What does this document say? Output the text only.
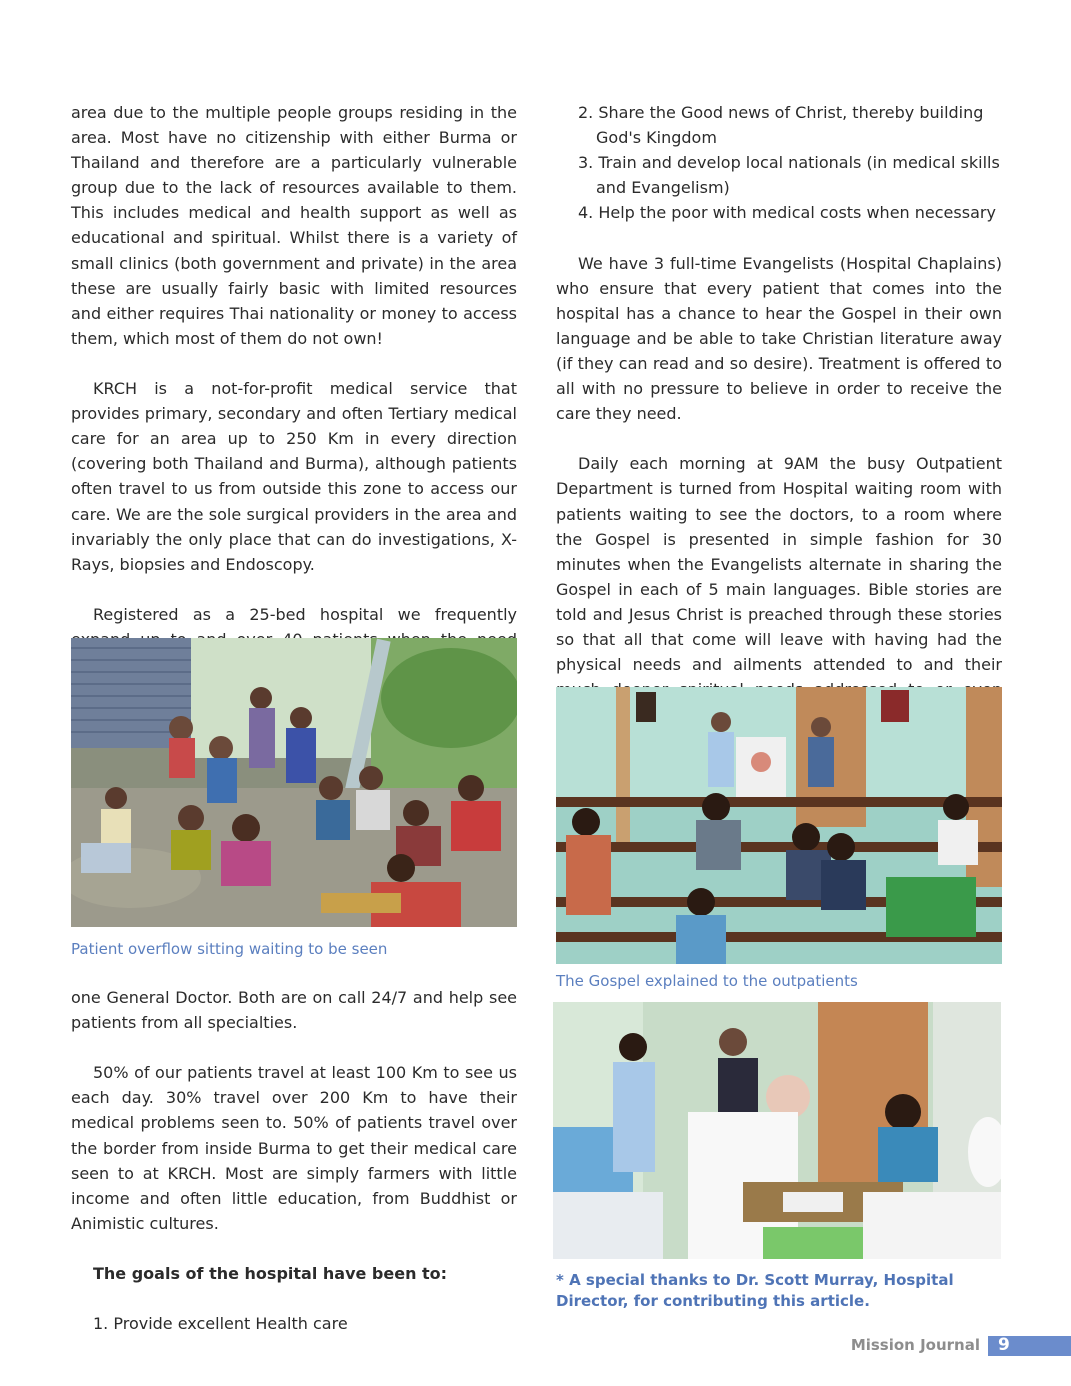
area due to the multiple people groups residing in the area. Most have no citizenship with either Burma or Thailand and therefore are a particularly vulnerable group due to the lack of resources available to them. This includes medical and health support as well as educational and spiritual. Whilst there is a variety of small clinics (both government and private) in the area these are usually fairly basic with limited resources and either requires Thai nationality or money to access them, which most of them do not own!

KRCH is a not-for-profit medical service that provides primary, secondary and often Tertiary medical care for an area up to 250 Km in every direction (covering both Thailand and Burma), although patients often travel to us from outside this zone to access our care. We are the sole surgical providers in the area and invariably the only place that can do investigations, X-Rays, biopsies and Endoscopy.

Registered as a 25-bed hospital we frequently

Patient overflow sitting waiting to be seen

one General Doctor. Both are on call 24/7 and help see patients from all specialties.

50% of our patients travel at least 100 Km to see us each day. 30% travel over 200 Km to have their medical problems seen to. 50% of patients travel over the border from inside Burma to get their medical care seen to at KRCH. Most are simply farmers with little income and often little education, from Buddhist or Animistic cultures.

The goals of the hospital have been to:

1. Provide excellent Health care

2. Share the Good news of Christ, thereby building God's Kingdom
3. Train and develop local nationals (in medical skills and Evangelism)
4. Help the poor with medical costs when necessary

We have 3 full-time Evangelists (Hospital Chaplains) who ensure that every patient that comes into the hospital has a chance to hear the Gospel in their own language and be able to take Christian literature away (if they can read and so desire). Treatment is offered to all with no pressure to believe in order to receive the care they need.

Daily each morning at 9AM the busy Outpatient Department is turned from Hospital waiting room with patients waiting to see the doctors, to a room where the Gospel is presented in simple fashion for 30 minutes when the Evangelists alternate in sharing the Gospel in each of 5 main languages. Bible stories are told and Jesus Christ is preached through these stories so that all that come will leave with having had the physical needs and ailments attended to and their

The Gospel explained to the outpatients
* A special thanks to Dr. Scott Murray, Hospital Director, for contributing this article.
Mission Journal 9
